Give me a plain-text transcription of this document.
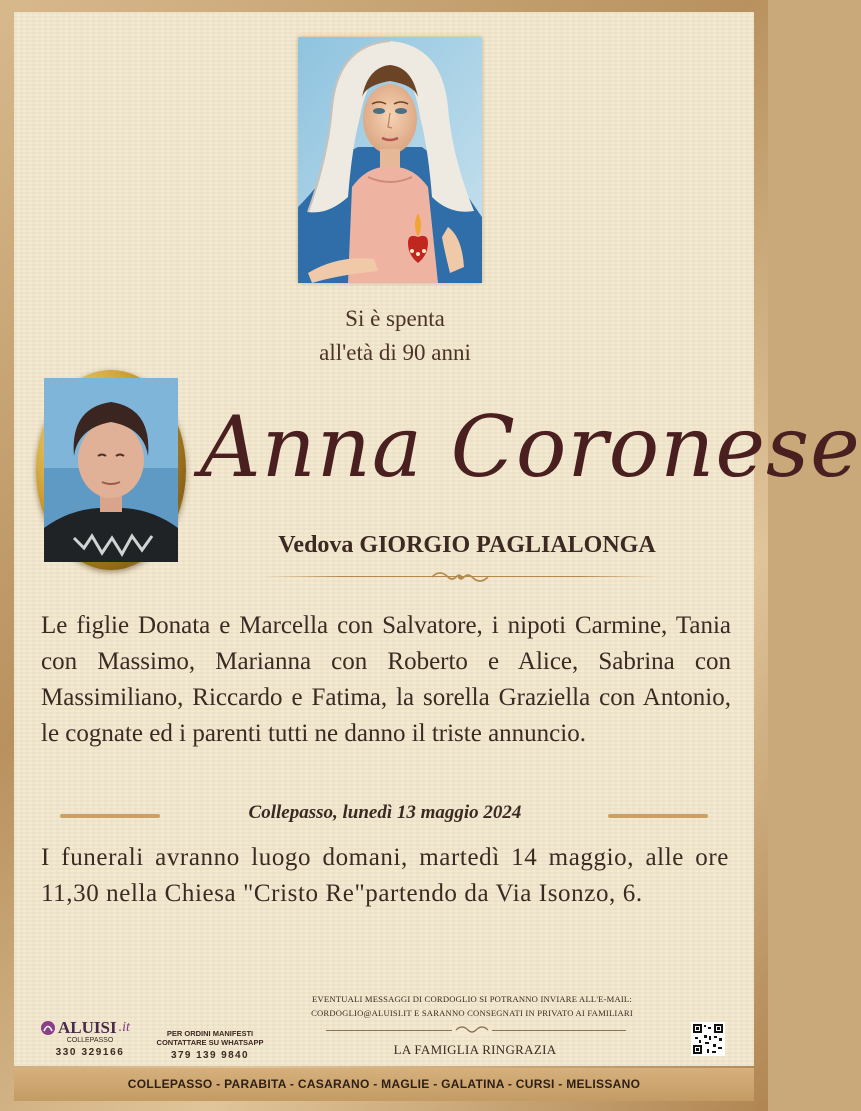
Si è spenta
all'età di 90 anni
Anna Coronese
Vedova GIORGIO PAGLIALONGA
Le figlie Donata e Marcella con Salvatore, i nipoti Carmine, Tania con Massimo, Marianna con Roberto e Alice, Sabrina con Massimiliano, Riccardo e Fatima, la sorella Graziella con Antonio, le cognate ed i parenti tutti ne danno il triste annuncio.
Collepasso, lunedì 13 maggio 2024
I funerali avranno luogo domani, martedì 14 maggio, alle ore 11,30 nella Chiesa "Cristo Re"partendo da Via Isonzo, 6.
EVENTUALI MESSAGGI DI CORDOGLIO SI POTRANNO INVIARE ALL'E-MAIL:
CORDOGLIO@ALUISI.IT E SARANNO CONSEGNATI IN PRIVATO AI FAMILIARI
LA FAMIGLIA RINGRAZIA
ALUISI .it
COLLEPASSO
330 329166
PER ORDINI MANIFESTI
CONTATTARE SU WHATSAPP
379 139 9840
COLLEPASSO - PARABITA - CASARANO - MAGLIE - GALATINA - CURSI - MELISSANO
